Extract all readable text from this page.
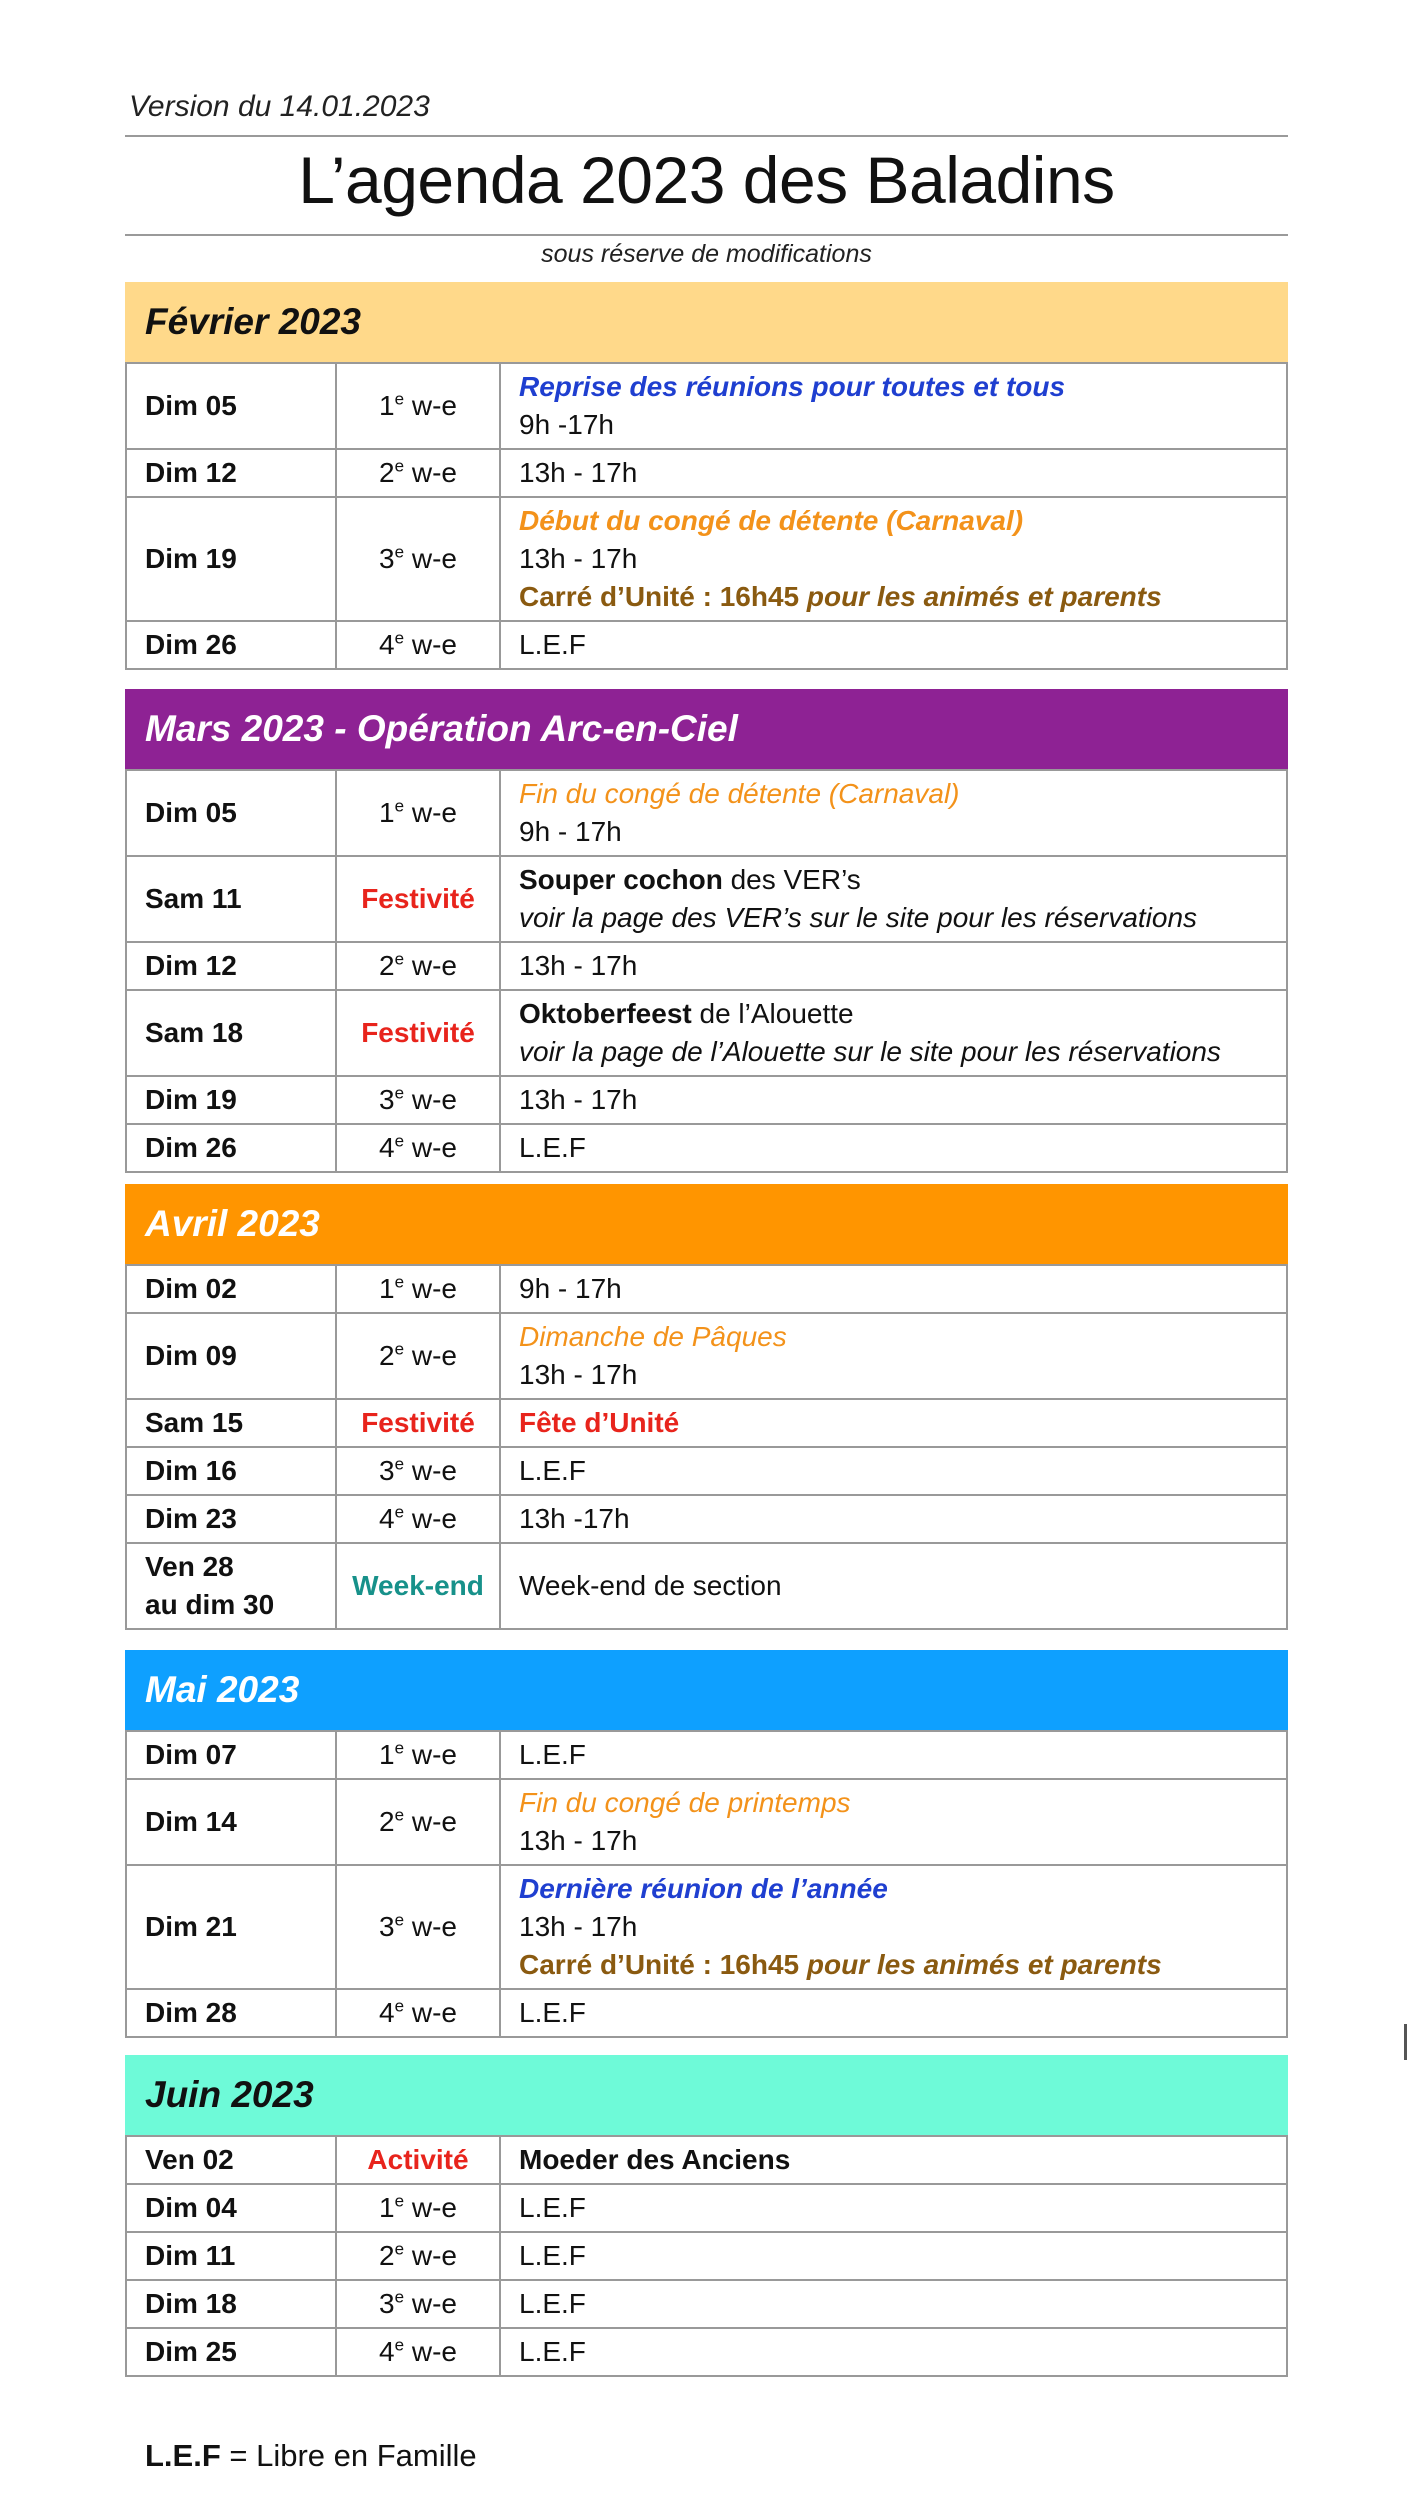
Version du 14.01.2023
L’agenda 2023 des Baladins
sous réserve de modifications
Février 2023
Dim 05	1e w-e	Reprise des réunions pour toutes et tous
9h -17h

Dim 12	2e w-e	13h - 17h

Dim 19	3e w-e	Début du congé de détente (Carnaval)
13h - 17h
Carré d’Unité : 16h45 pour les animés et parents

Dim 26	4e w-e	L.E.F
Mars 2023 - Opération Arc-en-Ciel
Dim 05	1e w-e	Fin du congé de détente (Carnaval)
9h - 17h

Sam 11	Festivité	Souper cochon des VER’s
voir la page des VER’s sur le site pour les réservations

Dim 12	2e w-e	13h - 17h

Sam 18	Festivité	Oktoberfeest de l’Alouette
voir la page de l’Alouette sur le site pour les réservations

Dim 19	3e w-e	13h - 17h

Dim 26	4e w-e	L.E.F
Avril 2023
Dim 02	1e w-e	9h - 17h

Dim 09	2e w-e	Dimanche de Pâques
13h - 17h

Sam 15	Festivité	Fête d’Unité

Dim 16	3e w-e	L.E.F

Dim 23	4e w-e	13h -17h

Ven 28
au dim 30	Week-end	Week-end de section
Mai 2023
Dim 07	1e w-e	L.E.F

Dim 14	2e w-e	Fin du congé de printemps
13h - 17h

Dim 21	3e w-e	Dernière réunion de l’année
13h - 17h
Carré d’Unité : 16h45 pour les animés et parents

Dim 28	4e w-e	L.E.F
Juin 2023
Ven 02	Activité	Moeder des Anciens
Dim 04	1e w-e	L.E.F
Dim 11	2e w-e	L.E.F
Dim 18	3e w-e	L.E.F
Dim 25	4e w-e	L.E.F
L.E.F = Libre en Famille
